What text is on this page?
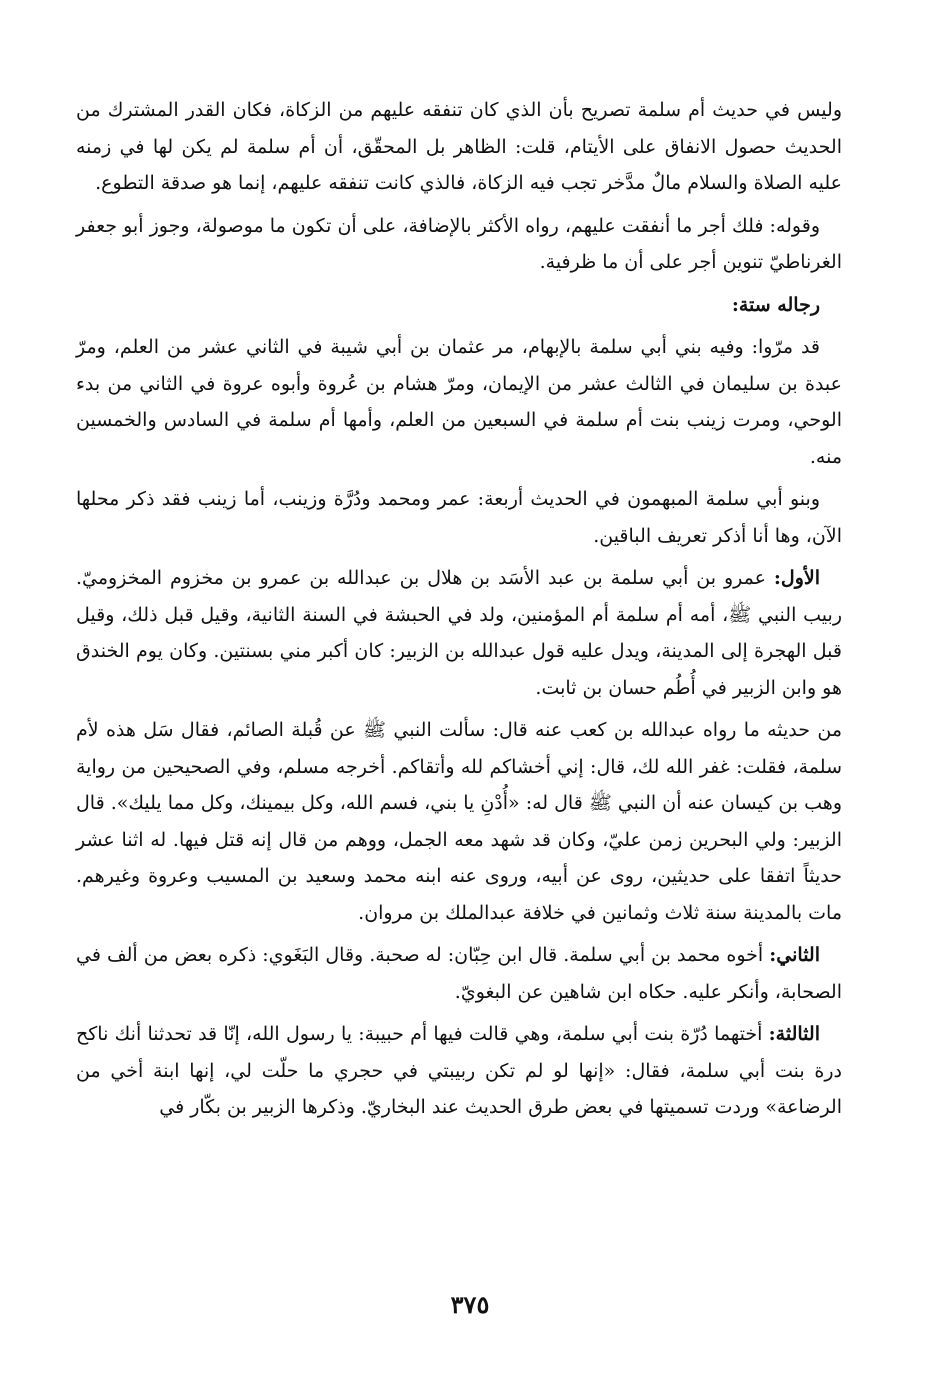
وليس في حديث أم سلمة تصريح بأن الذي كان تنفقه عليهم من الزكاة، فكان القدر المشترك من الحديث حصول الانفاق على الأيتام، قلت: الظاهر بل المحقّق، أن أم سلمة لم يكن لها في زمنه عليه الصلاة والسلام مالٌ مدَّخر تجب فيه الزكاة، فالذي كانت تنفقه عليهم، إنما هو صدقة التطوع.

وقوله: فلك أجر ما أنفقت عليهم، رواه الأكثر بالإضافة، على أن تكون ما موصولة، وجوز أبو جعفر الغرناطيّ تنوين أجر على أن ما ظرفية.

رجاله ستة:

قد مرّوا: وفيه بني أبي سلمة بالإبهام، مر عثمان بن أبي شيبة في الثاني عشر من العلم، ومرّ عبدة بن سليمان في الثالث عشر من الإيمان، ومرّ هشام بن عُروة وأبوه عروة في الثاني من بدء الوحي، ومرت زينب بنت أم سلمة في السبعين من العلم، وأمها أم سلمة في السادس والخمسين منه.

وبنو أبي سلمة المبهمون في الحديث أربعة: عمر ومحمد ودُرَّة وزينب، أما زينب فقد ذكر محلها الآن، وها أنا أذكر تعريف الباقين.

الأول: عمرو بن أبي سلمة بن عبد الأسَد بن هلال بن عبدالله بن عمرو بن مخزوم المخزوميّ. ربيب النبي ﷺ، أمه أم سلمة أم المؤمنين، ولد في الحبشة في السنة الثانية، وقيل قبل ذلك، وقيل قبل الهجرة إلى المدينة، ويدل عليه قول عبدالله بن الزبير: كان أكبر مني بسنتين. وكان يوم الخندق هو وابن الزبير في أُطُم حسان بن ثابت.

من حديثه ما رواه عبدالله بن كعب عنه قال: سألت النبي ﷺ عن قُبلة الصائم، فقال سَل هذه لأم سلمة، فقلت: غفر الله لك، قال: إني أخشاكم لله وأتقاكم. أخرجه مسلم، وفي الصحيحين من رواية وهب بن كيسان عنه أن النبي ﷺ قال له: «أُدْنِ يا بني، فسم الله، وكل بيمينك، وكل مما يليك». قال الزبير: ولي البحرين زمن عليّ، وكان قد شهد معه الجمل، ووهم من قال إنه قتل فيها. له اثنا عشر حديثاً اتفقا على حديثين، روى عن أبيه، وروى عنه ابنه محمد وسعيد بن المسيب وعروة وغيرهم. مات بالمدينة سنة ثلاث وثمانين في خلافة عبدالملك بن مروان.

الثاني: أخوه محمد بن أبي سلمة. قال ابن حِبّان: له صحبة. وقال البَغَوي: ذكره بعض من ألف في الصحابة، وأنكر عليه. حكاه ابن شاهين عن البغويّ.

الثالثة: أختهما دُرّة بنت أبي سلمة، وهي قالت فيها أم حبيبة: يا رسول الله، إنّا قد تحدثنا أنك ناكح درة بنت أبي سلمة، فقال: «إنها لو لم تكن ربيبتي في حجري ما حلّت لي، إنها ابنة أخي من الرضاعة» وردت تسميتها في بعض طرق الحديث عند البخاريّ. وذكرها الزبير بن بكّار في

٣٧٥
